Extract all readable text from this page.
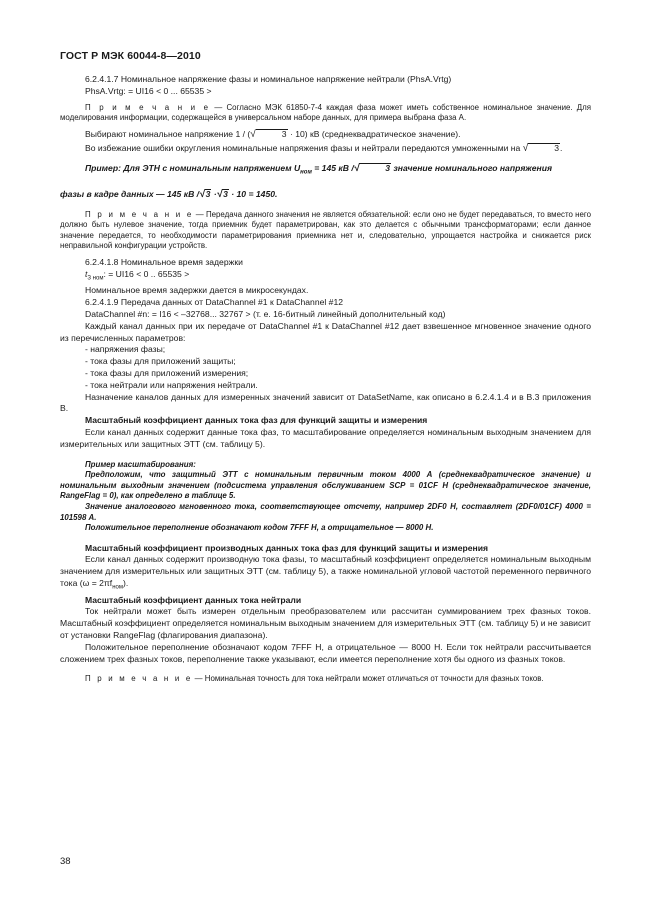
ГОСТ Р МЭК 60044-8—2010

6.2.4.1.7 Номинальное напряжение фазы и номинальное напряжение нейтрали (PhsA.Vrtg)

PhsA.Vrtg: = UI16 < 0 ... 65535 >

П р и м е ч а н и е — Согласно МЭК 61850-7-4 каждая фаза может иметь собственное номинальное значение. Для моделирования информации, содержащейся в универсальном наборе данных, для примера выбрана фаза А.

Выбирают номинальное напряжение 1 / (√	3 · 10) кВ (среднеквадратическое значение).

Во избежание ошибки округления номинальные напряжения фазы и нейтрали передаются умноженными на √	3.

Пример: Для ЭТН с номинальным напряжением $U_{ном} = 145$ кВ /√	3 значение номинального напряжения

фазы в кадре данных — 145 кВ /√3 ·√3 · 10 = 1450.

П р и м е ч а н и е — Передача данного значения не является обязательной: если оно не будет передаваться, то вместо него должно быть нулевое значение, тогда приемник будет параметрирован, как это делается с обычными трансформаторами; если данное значение передается, то необходимости параметрирования приемника нет и, следовательно, упрощается настройка и снижается риск неправильной конфигурации устройств.

6.2.4.1.8 Номинальное время задержки

$t_{З ном}$: = UI16 < 0 .. 65535 >

Номинальное время задержки дается в микросекундах.

6.2.4.1.9 Передача данных от DataChannel #1 к DataChannel #12

DataChannel #n: = I16 < –32768... 32767 > (т. е. 16-битный линейный дополнительный код)

Каждый канал данных при их передаче от DataChannel #1 к DataChannel #12 дает взвешенное мгновенное значение одного из перечисленных параметров:

- напряжения фазы;

- тока фазы для приложений защиты;

- тока фазы для приложений измерения;

- тока нейтрали или напряжения нейтрали.

Назначение каналов данных для измеренных значений зависит от DataSetName, как описано в 6.2.4.1.4 и в В.3 приложения В.

Масштабный коэффициент данных тока фаз для функций защиты и измерения

Если канал данных содержит данные тока фаз, то масштабирование определяется номинальным выходным значением для измерительных или защитных ЭТТ (см. таблицу 5).

Пример масштабирования:

Предположим, что защитный ЭТТ с номинальным первичным током 4000 А (среднеквадратическое значение) и номинальным выходным значением (подсистема управления обслуживанием SCP = 01CF H (среднеквадратическое значение, RangeFlag = 0), как определено в таблице 5.

Значение аналогового мгновенного тока, соответствующее отсчету, например 2DF0 H, составляет (2DF0/01CF) 4000 = 101598 А.

Положительное переполнение обозначают кодом 7FFF H, а отрицательное — 8000 Н.

Масштабный коэффициент производных данных тока фаз для функций защиты и измерения

Если канал данных содержит производную тока фазы, то масштабный коэффициент определяется номинальным выходным значением для измерительных или защитных ЭТТ (см. таблицу 5), а также номинальной угловой частотой переменного первичного тока $(\omega = 2\pi f_{ном})$.

Масштабный коэффициент данных тока нейтрали

Ток нейтрали может быть измерен отдельным преобразователем или рассчитан суммированием трех фазных токов. Масштабный коэффициент определяется номинальным выходным значением для измерительных ЭТТ (см. таблицу 5) и не зависит от установки RangeFlag (флагирования диапазона).

Положительное переполнение обозначают кодом 7FFF H, а отрицательное — 8000 Н. Если ток нейтрали рассчитывается сложением трех фазных токов, переполнение также указывают, если имеется переполнение хотя бы одного из фазных токов.

П р и м е ч а н и е — Номинальная точность для тока нейтрали может отличаться от точности для фазных токов.

38
